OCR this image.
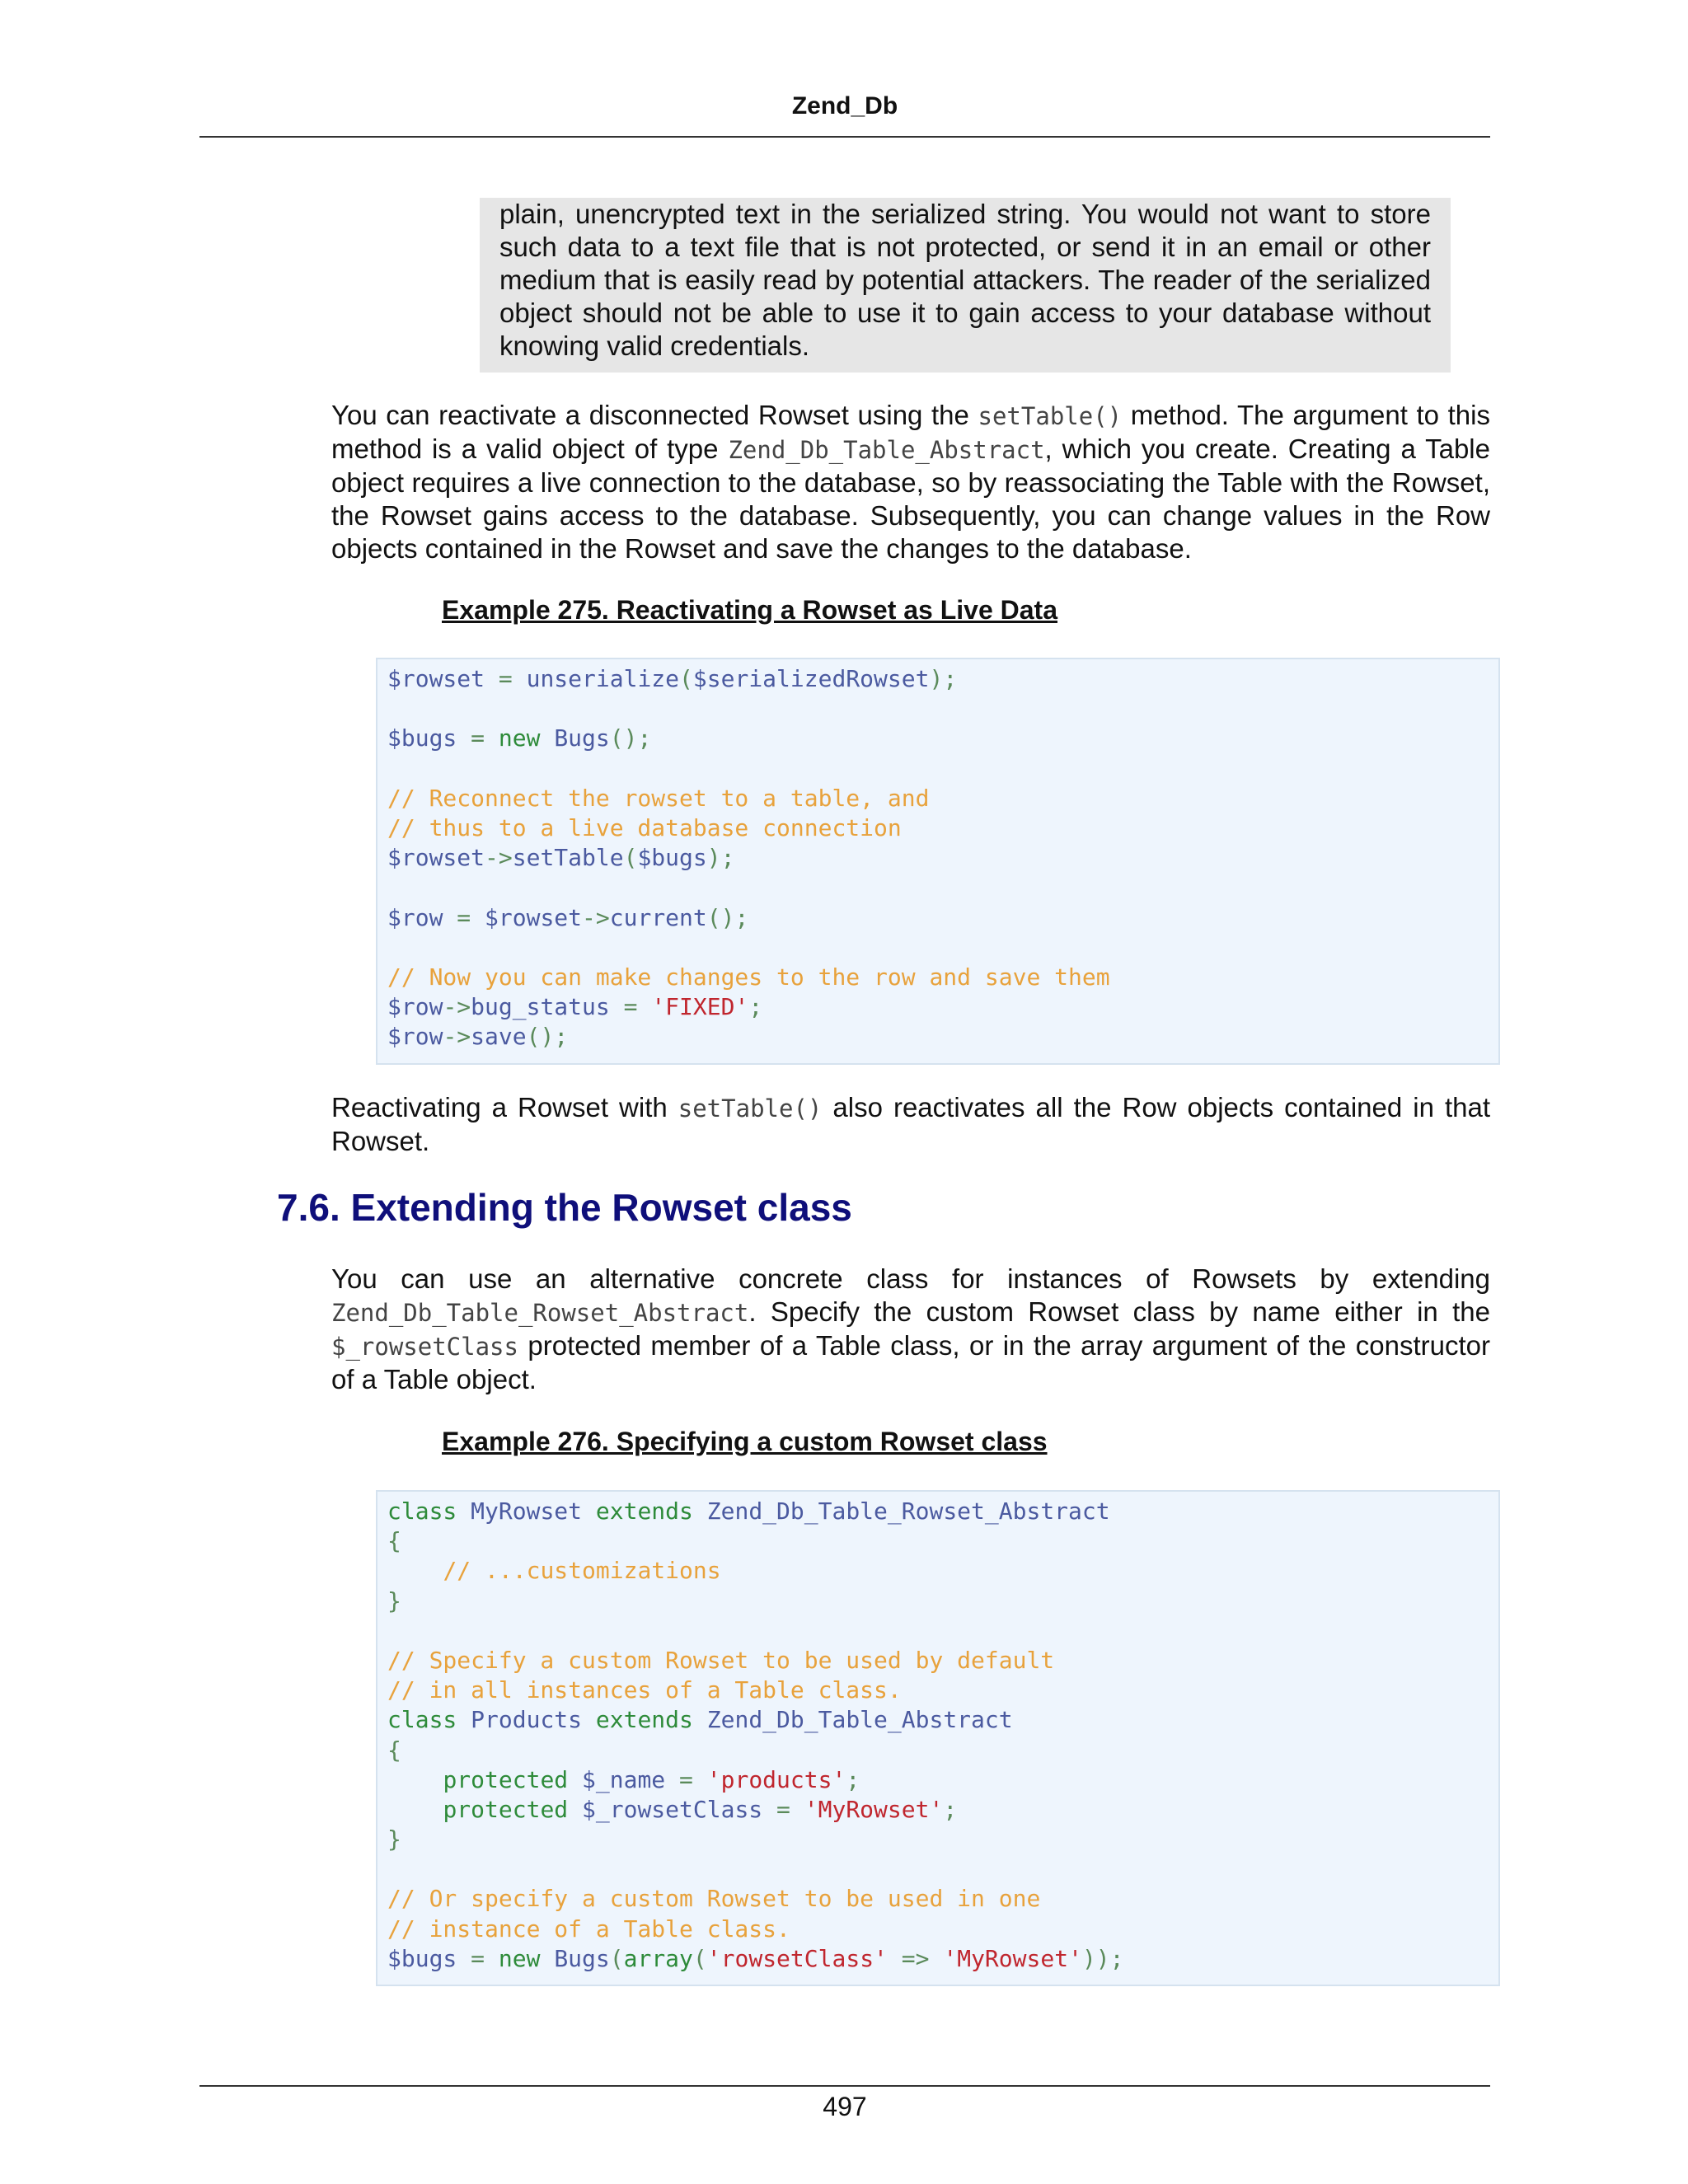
Zend_Db

plain, unencrypted text in the serialized string. You would not want to store such data to a text file that is not protected, or send it in an email or other medium that is easily read by potential attackers. The reader of the serialized object should not be able to use it to gain access to your database without knowing valid credentials.

You can reactivate a disconnected Rowset using the setTable() method. The argument to this method is a valid object of type Zend_Db_Table_Abstract, which you create. Creating a Table object requires a live connection to the database, so by reassociating the Table with the Rowset, the Rowset gains access to the database. Subsequently, you can change values in the Row objects contained in the Rowset and save the changes to the database.

Example 275. Reactivating a Rowset as Live Data

$rowset = unserialize($serializedRowset);
$bugs = new Bugs();
// Reconnect the rowset to a table, and
// thus to a live database connection
$rowset->setTable($bugs);
$row = $rowset->current();
// Now you can make changes to the row and save them
$row->bug_status = 'FIXED';
$row->save();

Reactivating a Rowset with setTable() also reactivates all the Row objects contained in that Rowset.

7.6. Extending the Rowset class

You can use an alternative concrete class for instances of Rowsets by extending Zend_Db_Table_Rowset_Abstract. Specify the custom Rowset class by name either in the $_rowsetClass protected member of a Table class, or in the array argument of the constructor of a Table object.

Example 276. Specifying a custom Rowset class

class MyRowset extends Zend_Db_Table_Rowset_Abstract
{
// ...customizations
}
// Specify a custom Rowset to be used by default
// in all instances of a Table class.
class Products extends Zend_Db_Table_Abstract
{
protected $_name = 'products';
protected $_rowsetClass = 'MyRowset';
}
// Or specify a custom Rowset to be used in one
// instance of a Table class.
$bugs = new Bugs(array('rowsetClass' => 'MyRowset'));
497
